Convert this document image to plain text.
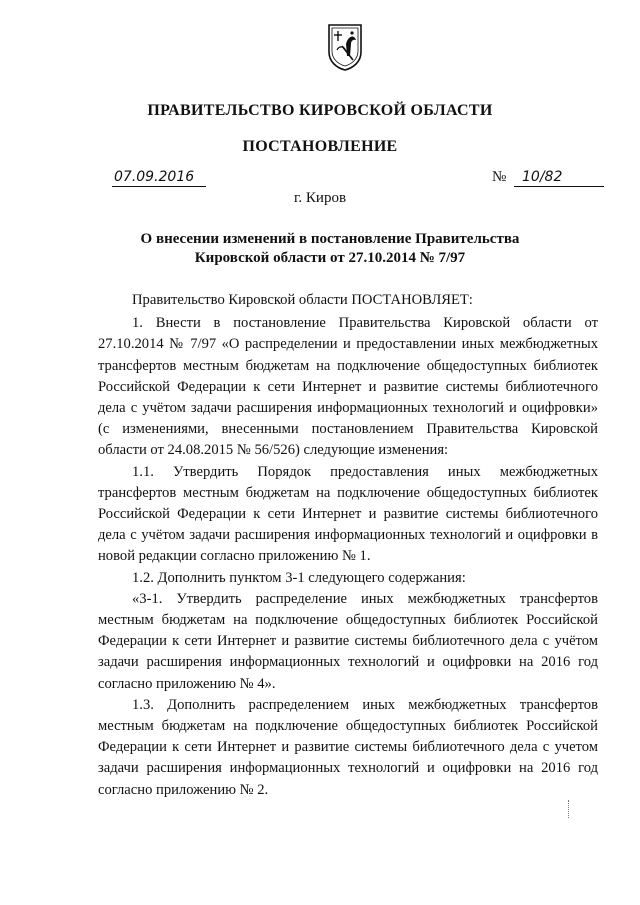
ПРАВИТЕЛЬСТВО КИРОВСКОЙ ОБЛАСТИ
ПОСТАНОВЛЕНИЕ
07.09.2016	№	10/82
г. Киров
О внесении изменений в постановление Правительства
Кировской области от 27.10.2014 № 7/97

Правительство Кировской области ПОСТАНОВЛЯЕТ:

1. Внести в постановление Правительства Кировской области от 27.10.2014 № 7/97 «О распределении и предоставлении иных межбюджетных трансфертов местным бюджетам на подключение общедоступных библиотек Российской Федерации к сети Интернет и развитие системы библиотечного дела с учётом задачи расширения информационных технологий и оцифровки» (с изменениями, внесенными постановлением Правительства Кировской области от 24.08.2015 № 56/526) следующие изменения:

1.1. Утвердить Порядок предоставления иных межбюджетных трансфертов местным бюджетам на подключение общедоступных библиотек Российской Федерации к сети Интернет и развитие системы библиотечного дела с учётом задачи расширения информационных технологий и оцифровки в новой редакции согласно приложению № 1.

1.2. Дополнить пунктом 3-1 следующего содержания:

«3-1. Утвердить распределение иных межбюджетных трансфертов местным бюджетам на подключение общедоступных библиотек Российской Федерации к сети Интернет и развитие системы библиотечного дела с учётом задачи расширения информационных технологий и оцифровки на 2016 год согласно приложению № 4».

1.3. Дополнить распределением иных межбюджетных трансфертов местным бюджетам на подключение общедоступных библиотек Российской Федерации к сети Интернет и развитие системы библиотечного дела с учетом задачи расширения информационных технологий и оцифровки на 2016 год согласно приложению № 2.
